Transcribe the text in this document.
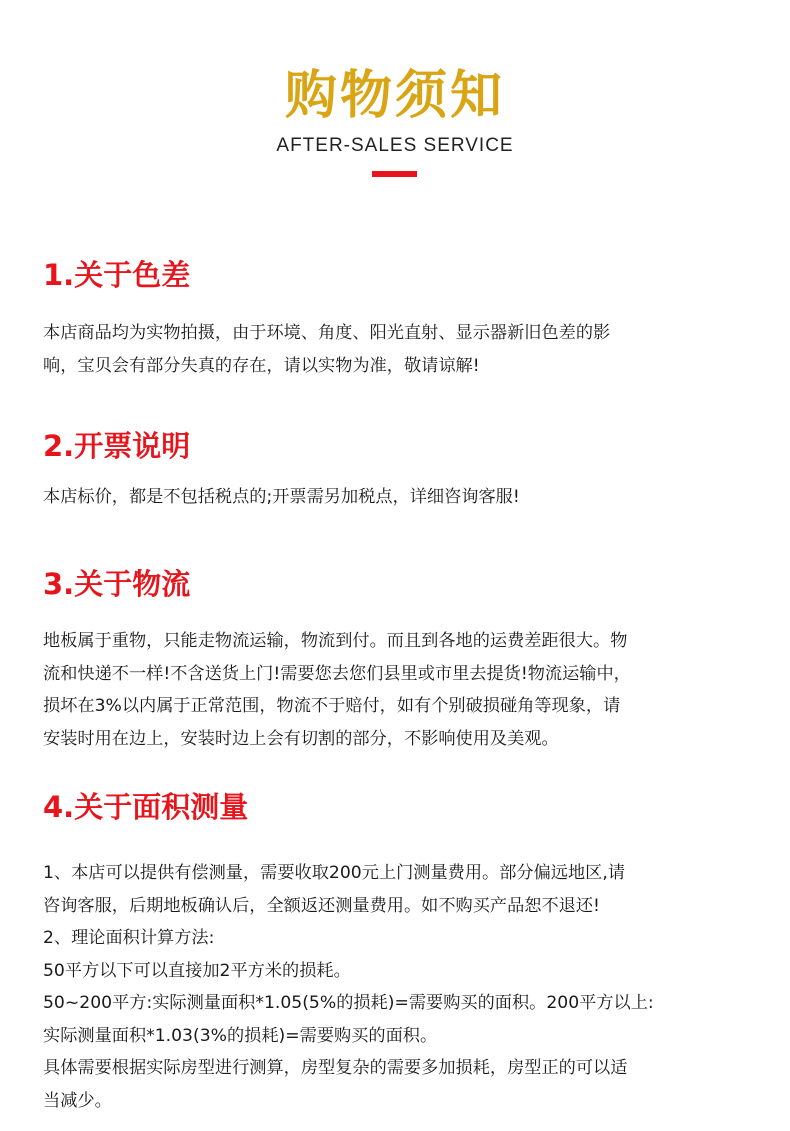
购物须知
AFTER-SALES SERVICE
1.关于色差
本店商品均为实物拍摄，由于环境、角度、阳光直射、显示器新旧色差的影
响，宝贝会有部分失真的存在，请以实物为准，敬请谅解!
2.开票说明
本店标价，都是不包括税点的;开票需另加税点，详细咨询客服!
3.关于物流
地板属于重物，只能走物流运输，物流到付。而且到各地的运费差距很大。物
流和快递不一样!不含送货上门!需要您去您们县里或市里去提货!物流运输中，
损坏在3%以内属于正常范围，物流不于赔付，如有个别破损碰角等现象，请
安装时用在边上，安装时边上会有切割的部分，不影响使用及美观。
4.关于面积测量
1、本店可以提供有偿测量，需要收取200元上门测量费用。部分偏远地区,请
咨询客服，后期地板确认后，全额返还测量费用。如不购买产品恕不退还!
2、理论面积计算方法:
50平方以下可以直接加2平方米的损耗。
50~200平方:实际测量面积*1.05(5%的损耗)=需要购买的面积。200平方以上:
实际测量面积*1.03(3%的损耗)=需要购买的面积。
具体需要根据实际房型进行测算，房型复杂的需要多加损耗，房型正的可以适
当减少。
